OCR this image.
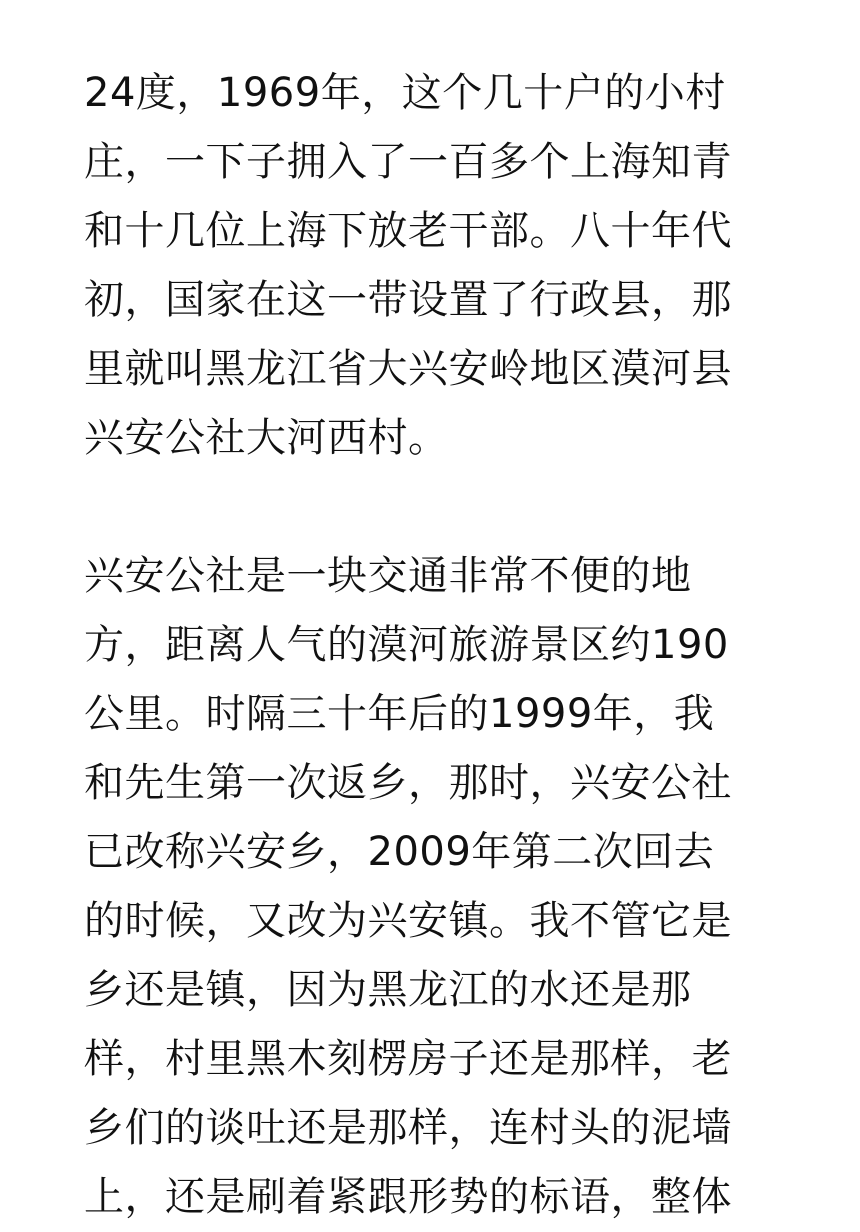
24度，1969年，这个几十户的小村
庄，一下子拥入了一百多个上海知青
和十几位上海下放老干部。八十年代
初，国家在这一带设置了行政县，那
里就叫黑龙江省大兴安岭地区漠河县
兴安公社大河西村。

兴安公社是一块交通非常不便的地
方，距离人气的漠河旅游景区约190
公里。时隔三十年后的1999年，我
和先生第一次返乡，那时，兴安公社
已改称兴安乡，2009年第二次回去
的时候，又改为兴安镇。我不管它是
乡还是镇，因为黑龙江的水还是那
样，村里黑木刻楞房子还是那样，老
乡们的谈吐还是那样，连村头的泥墙
上，还是刷着紧跟形势的标语，整体
